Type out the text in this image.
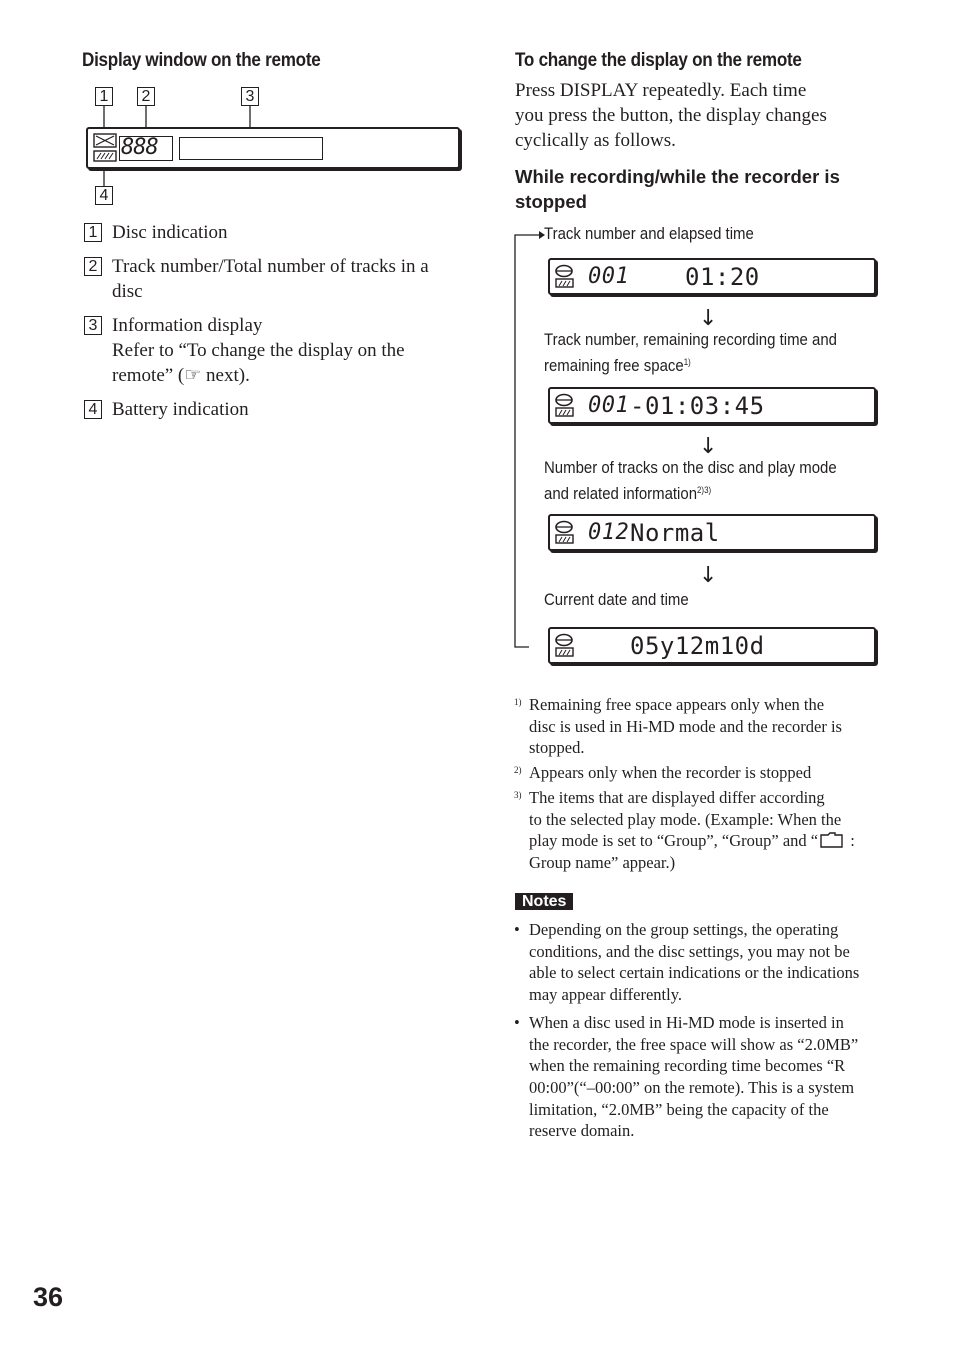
Display window on the remote
1 2	3
4
888
1 Disc indication
2 Track number/Total number of tracks in a
disc
3 Information display
Refer to “To change the display on the
remote” (☞ next).
4 Battery indication
To change the display on the remote
Press DISPLAY repeatedly. Each time
you press the button, the display changes
cyclically as follows.
While recording/while the recorder is
stopped
Track number and elapsed time
001 01:20
↓
Track number, remaining recording time and
remaining free space$^{1)}$
001 -01:03:45
↓
Number of tracks on the disc and play mode
and related information$^{2)3)}$
012 Normal
↓
Current date and time
05y12m10d
1) Remaining free space appears only when the
disc is used in Hi-MD mode and the recorder is
stopped.
2) Appears only when the recorder is stopped
3) The items that are displayed differ according
to the selected play mode. (Example: When the
play mode is set to “Group”, “Group” and “ :
Group name” appear.)
Notes
• Depending on the group settings, the operating
conditions, and the disc settings, you may not be
able to select certain indications or the indications
may appear differently.
• When a disc used in Hi-MD mode is inserted in
the recorder, the free space will show as “2.0MB”
when the remaining recording time becomes “R
00:00”(“–00:00” on the remote). This is a system
limitation, “2.0MB” being the capacity of the
reserve domain.
36
